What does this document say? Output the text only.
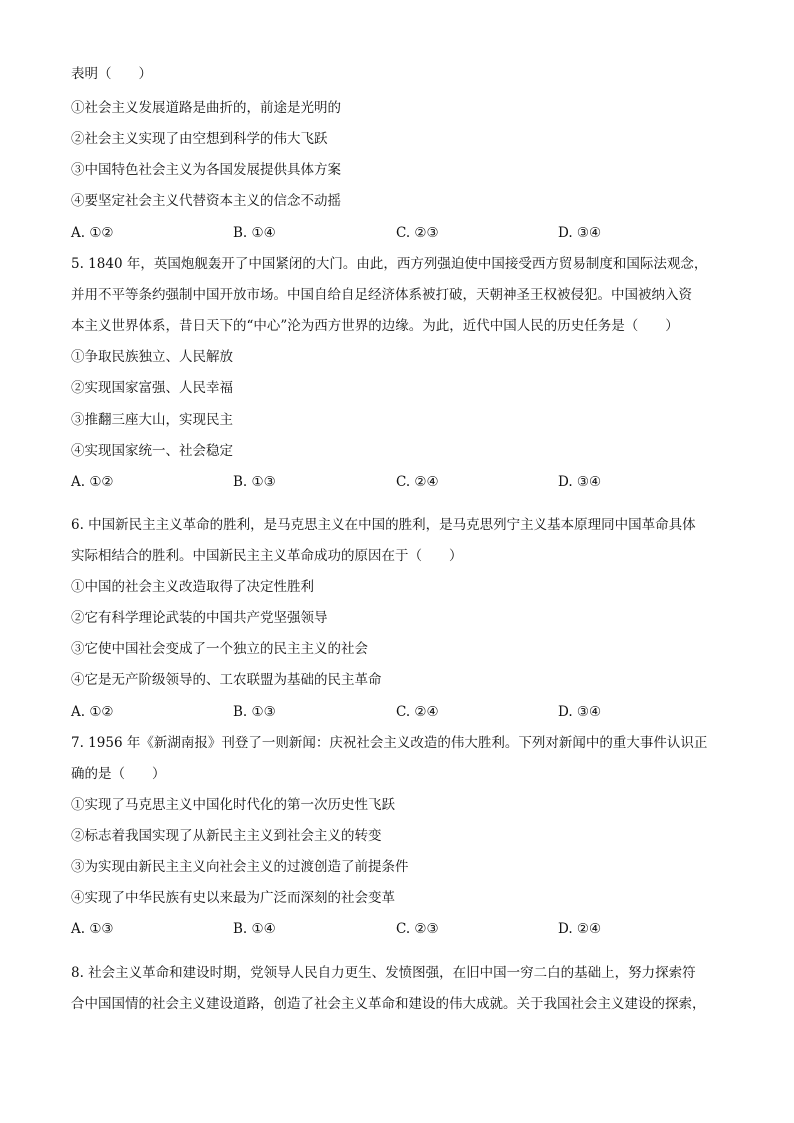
表明（　　）
①社会主义发展道路是曲折的，前途是光明的
②社会主义实现了由空想到科学的伟大飞跃
③中国特色社会主义为各国发展提供具体方案
④要坚定社会主义代替资本主义的信念不动摇
A. ①②	B. ①④	C. ②③	D. ③④
5. 1840 年，英国炮舰轰开了中国紧闭的大门。由此，西方列强迫使中国接受西方贸易制度和国际法观念，
并用不平等条约强制中国开放市场。中国自给自足经济体系被打破，天朝神圣王权被侵犯。中国被纳入资
本主义世界体系，昔日天下的“中心”沦为西方世界的边缘。为此，近代中国人民的历史任务是（　　）
①争取民族独立、人民解放
②实现国家富强、人民幸福
③推翻三座大山，实现民主
④实现国家统一、社会稳定
A. ①②	B. ①③	C. ②④	D. ③④
6. 中国新民主主义革命的胜利，是马克思主义在中国的胜利，是马克思列宁主义基本原理同中国革命具体
实际相结合的胜利。中国新民主主义革命成功的原因在于（　　）
①中国的社会主义改造取得了决定性胜利
②它有科学理论武装的中国共产党坚强领导
③它使中国社会变成了一个独立的民主主义的社会
④它是无产阶级领导的、工农联盟为基础的民主革命
A. ①②	B. ①③	C. ②④	D. ③④
7. 1956 年《新湖南报》刊登了一则新闻：庆祝社会主义改造的伟大胜利。下列对新闻中的重大事件认识正
确的是（　　）
①实现了马克思主义中国化时代化的第一次历史性飞跃
②标志着我国实现了从新民主主义到社会主义的转变
③为实现由新民主主义向社会主义的过渡创造了前提条件
④实现了中华民族有史以来最为广泛而深刻的社会变革
A. ①③	B. ①④	C. ②③	D. ②④
8. 社会主义革命和建设时期，党领导人民自力更生、发愤图强，在旧中国一穷二白的基础上，努力探索符
合中国国情的社会主义建设道路，创造了社会主义革命和建设的伟大成就。关于我国社会主义建设的探索，
